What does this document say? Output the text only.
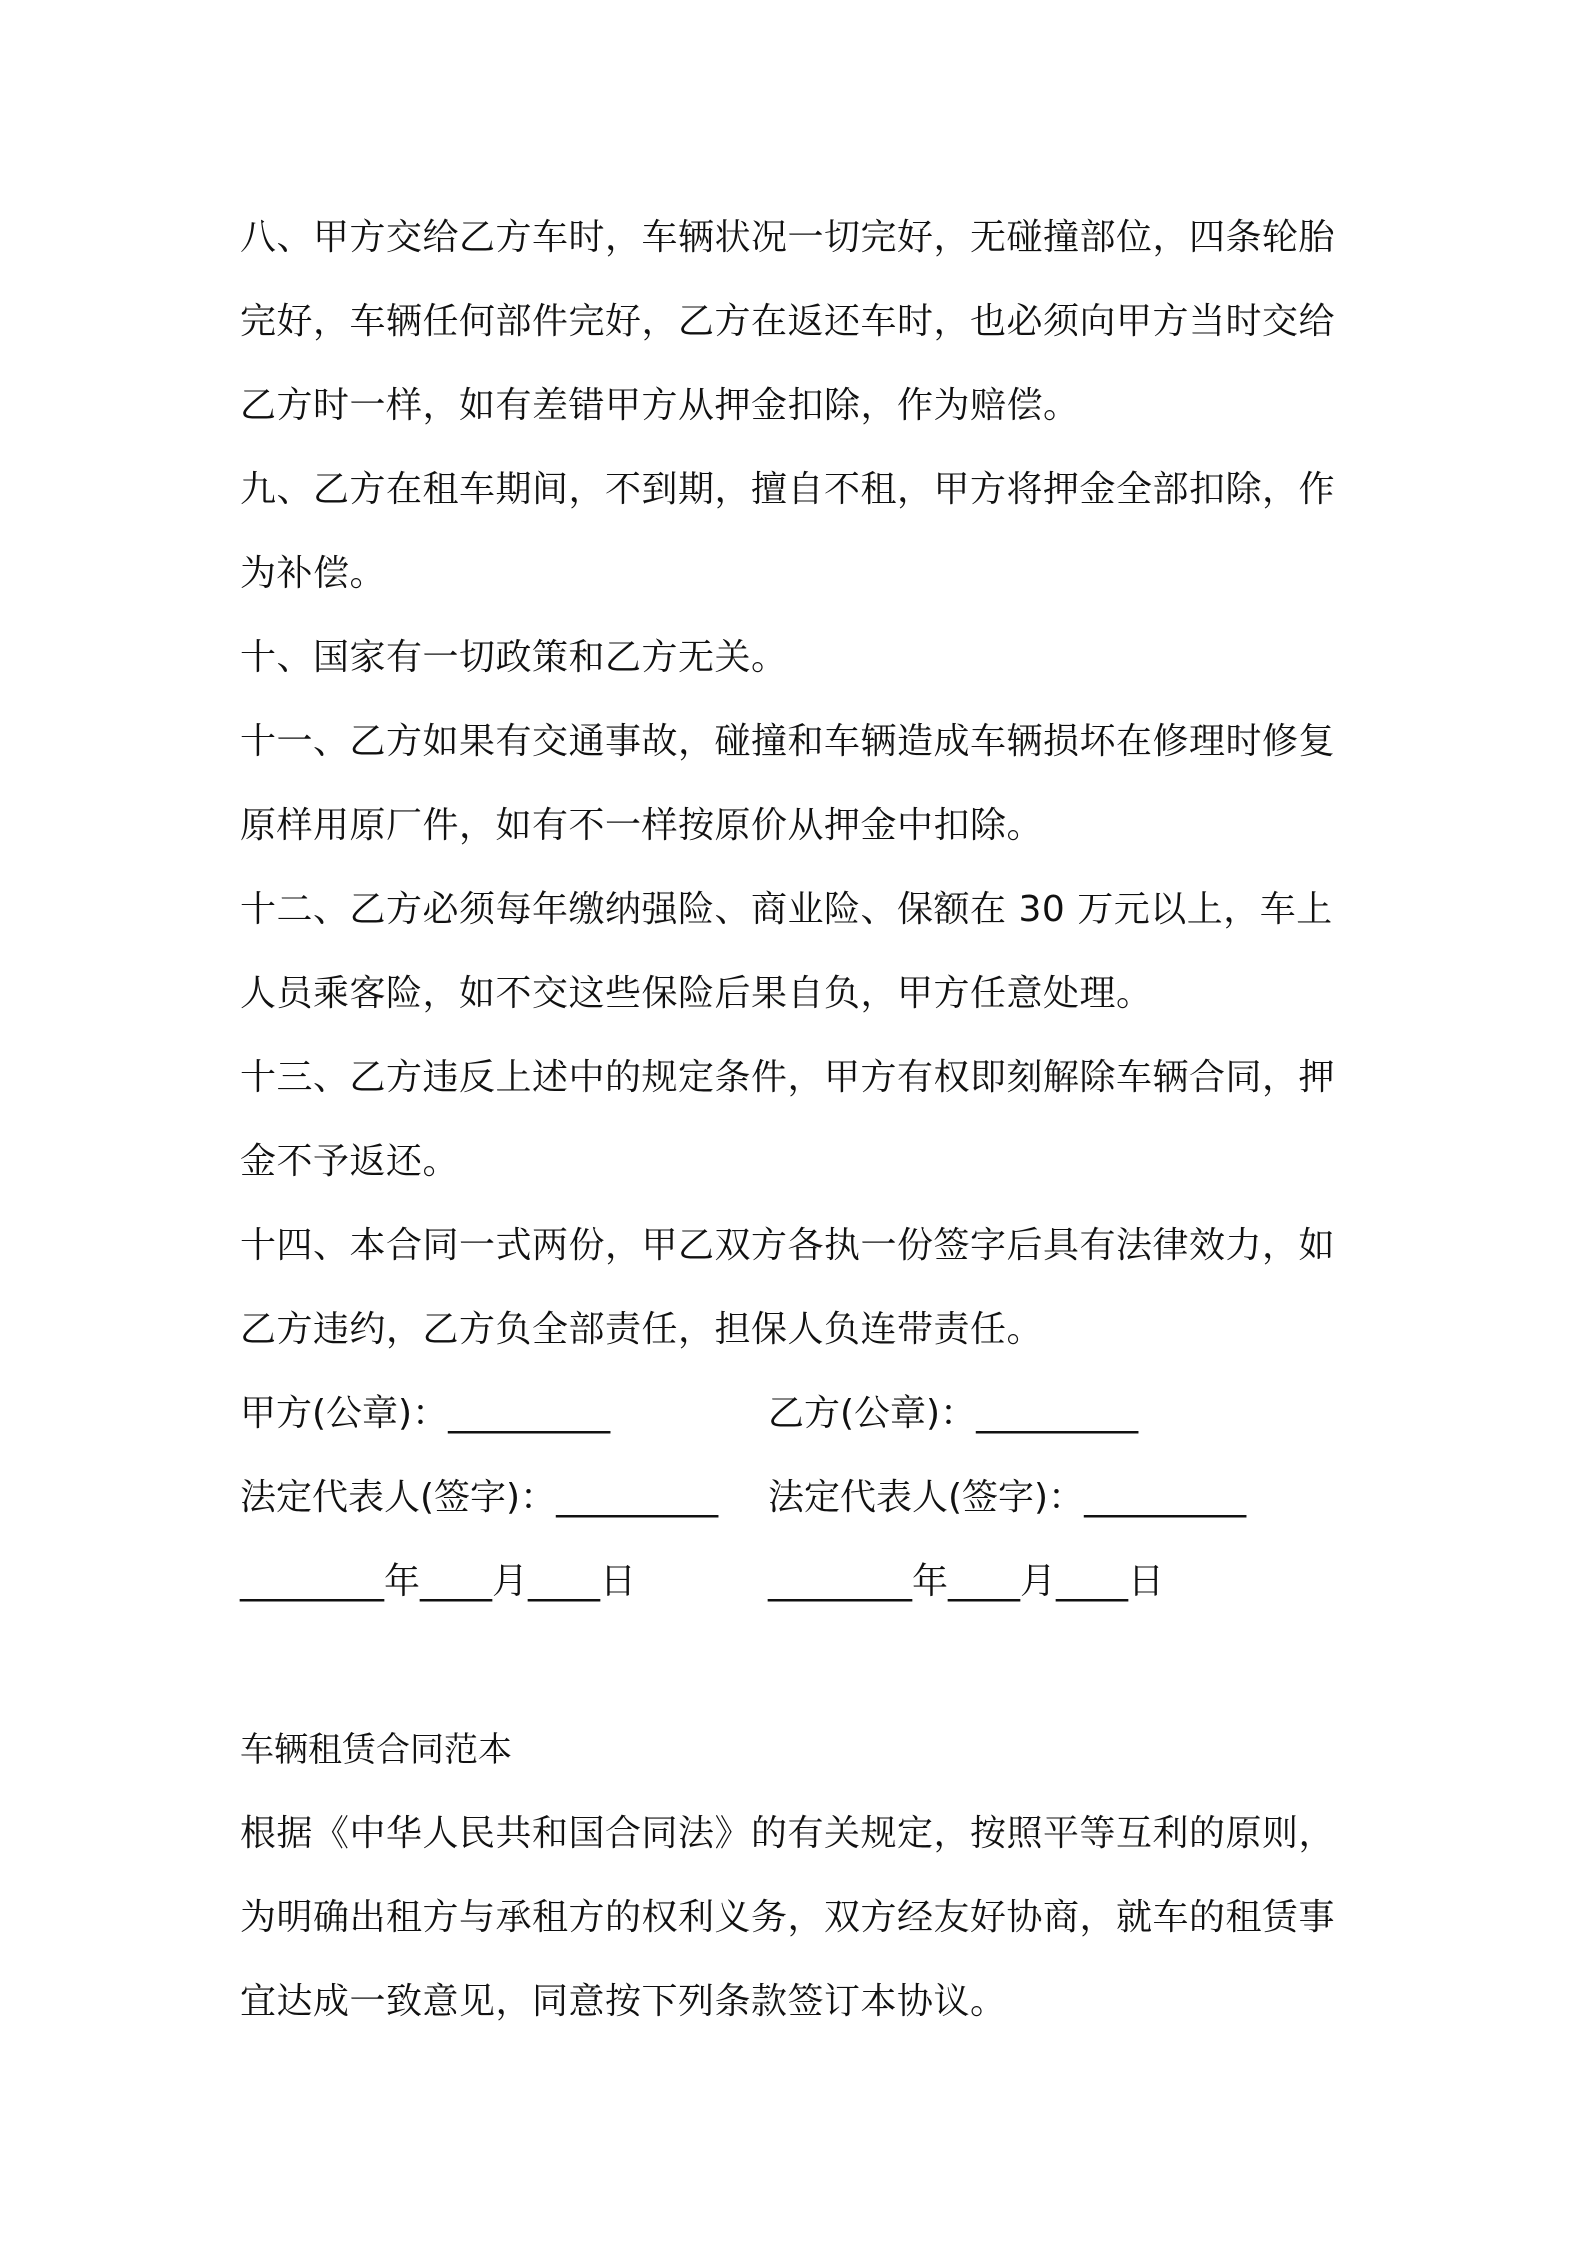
八、甲方交给乙方车时，车辆状况一切完好，无碰撞部位，四条轮胎完好，车辆任何部件完好，乙方在返还车时，也必须向甲方当时交给乙方时一样，如有差错甲方从押金扣除，作为赔偿。

九、乙方在租车期间，不到期，擅自不租，甲方将押金全部扣除，作为补偿。

十、国家有一切政策和乙方无关。

十一、乙方如果有交通事故，碰撞和车辆造成车辆损坏在修理时修复原样用原厂件，如有不一样按原价从押金中扣除。

十二、乙方必须每年缴纳强险、商业险、保额在 30 万元以上，车上人员乘客险，如不交这些保险后果自负，甲方任意处理。

十三、乙方违反上述中的规定条件，甲方有权即刻解除车辆合同，押金不予返还。

十四、本合同一式两份，甲乙双方各执一份签字后具有法律效力，如乙方违约，乙方负全部责任，担保人负连带责任。

甲方(公章)：_________	乙方(公章)：_________
法定代表人(签字)：_________ 法定代表人(签字)：_________
________年____月____日	________年____月____日

车辆租赁合同范本

根据《中华人民共和国合同法》的有关规定，按照平等互利的原则，为明确出租方与承租方的权利义务，双方经友好协商，就车的租赁事宜达成一致意见，同意按下列条款签订本协议。
